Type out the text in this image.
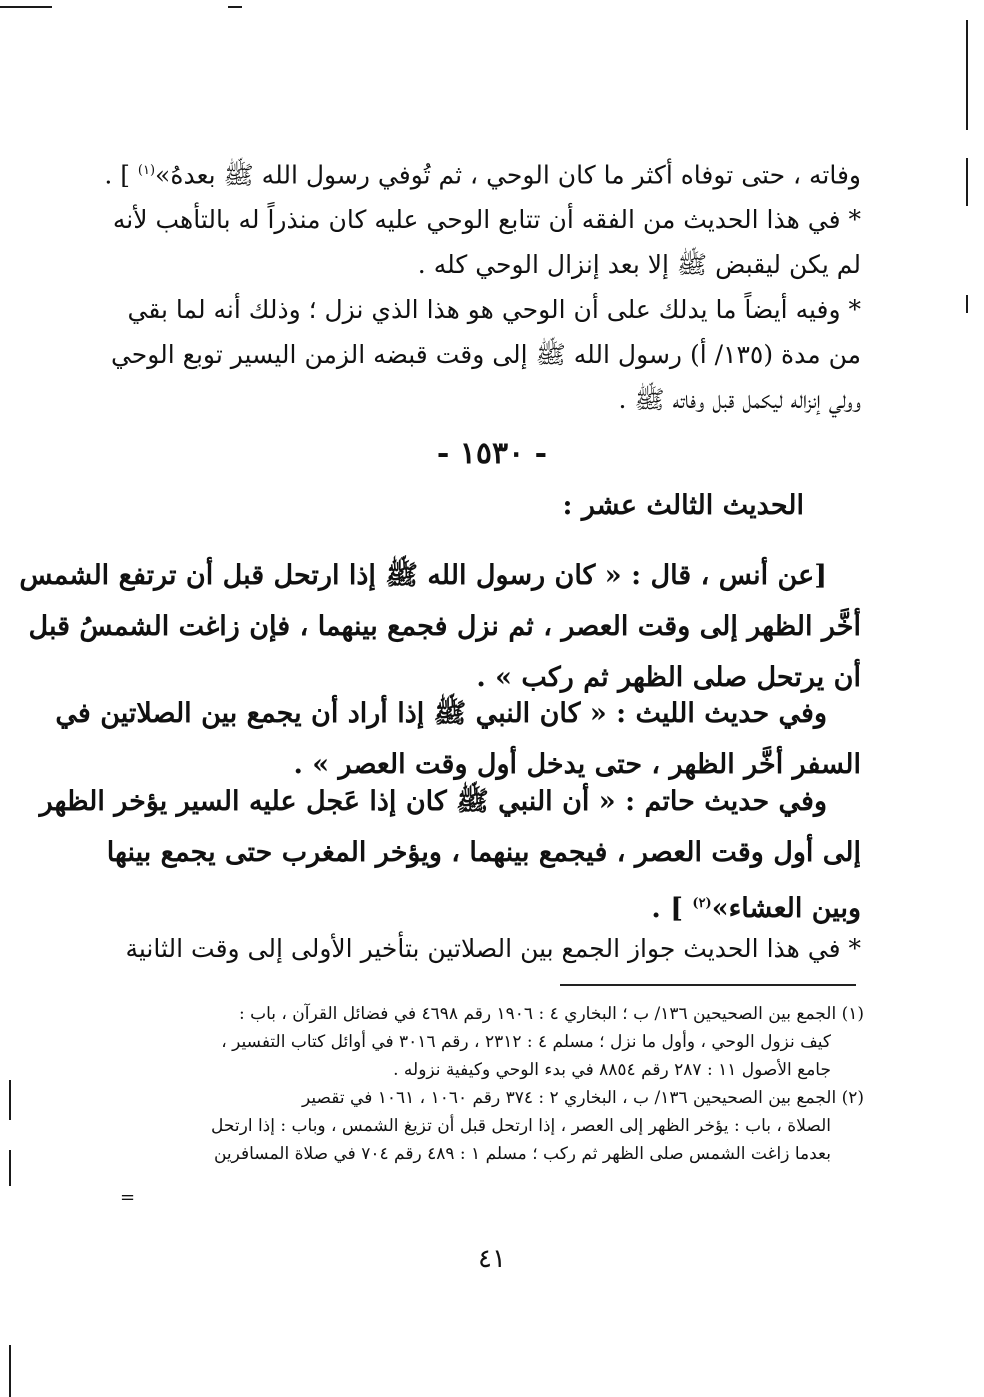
وفاته ، حتى توفاه أكثر ما كان الوحي ، ثم تُوفي رسول الله ﷺ بعدهُ»$^{(١)}$ ] .
* في هذا الحديث من الفقه أن تتابع الوحي عليه كان منذراً له بالتأهب لأنه
لم يكن ليقبض ﷺ إلا بعد إنزال الوحي كله .
* وفيه أيضاً ما يدلك على أن الوحي هو هذا الذي نزل ؛ وذلك أنه لما بقي
من مدة (١٣٥/ أ) رسول الله ﷺ إلى وقت قبضه الزمن اليسير توبع الوحي
وولي إنزاله ليكمل قبل وفاته ﷺ .
- ١٥٣٠ -
الحديث الثالث عشر :
[عن أنس ، قال : « كان رسول الله ﷺ إذا ارتحل قبل أن ترتفع الشمس
أخَّر الظهر إلى وقت العصر ، ثم نزل فجمع بينهما ، فإن زاغت الشمسُ قبل
أن يرتحل صلى الظهر ثم ركب » .
وفي حديث الليث : « كان النبي ﷺ إذا أراد أن يجمع بين الصلاتين في
السفر أخَّر الظهر ، حتى يدخل أول وقت العصر » .
وفي حديث حاتم : « أن النبي ﷺ كان إذا عَجل عليه السير يؤخر الظهر
إلى أول وقت العصر ، فيجمع بينهما ، ويؤخر المغرب حتى يجمع بينها
وبين العشاء»$^{(٢)}$ ] .
* في هذا الحديث جواز الجمع بين الصلاتين بتأخير الأولى إلى وقت الثانية
(١) الجمع بين الصحيحين ١٣٦/ ب ؛ البخاري ٤ : ١٩٠٦ رقم ٤٦٩٨ في فضائل القرآن ، باب :
كيف نزول الوحي ، وأول ما نزل ؛ مسلم ٤ : ٢٣١٢ ، رقم ٣٠١٦ في أوائل كتاب التفسير ،
جامع الأصول ١١ : ٢٨٧ رقم ٨٨٥٤ في بدء الوحي وكيفية نزوله .
(٢) الجمع بين الصحيحين ١٣٦/ ب ، البخاري ٢ : ٣٧٤ رقم ١٠٦٠ ، ١٠٦١ في تقصير
الصلاة ، باب : يؤخر الظهر إلى العصر ، إذا ارتحل قبل أن تزيغ الشمس ، وباب : إذا ارتحل
بعدما زاغت الشمس صلى الظهر ثم ركب ؛ مسلم ١ : ٤٨٩ رقم ٧٠٤ في صلاة المسافرين
=
٤١
